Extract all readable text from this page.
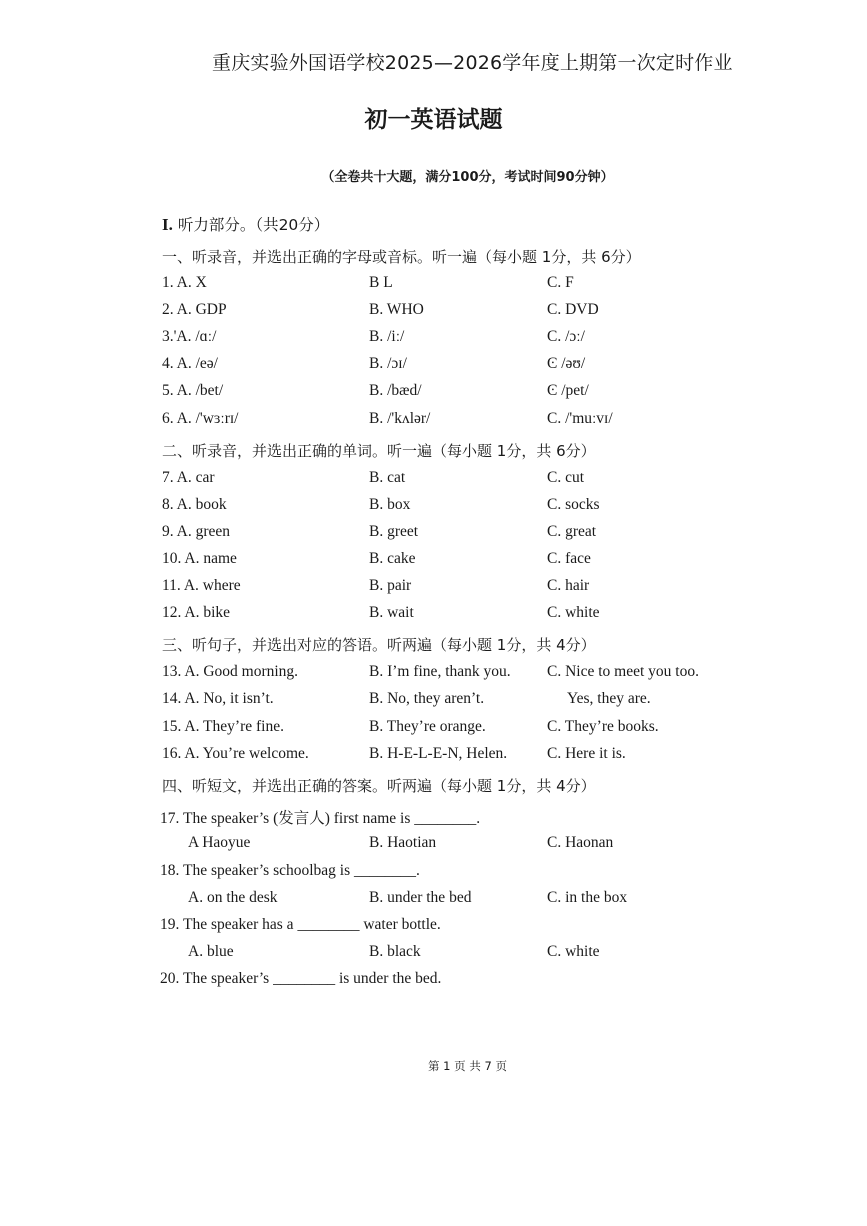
重庆实验外国语学校2025—2026学年度上期第一次定时作业
初一英语试题
（全卷共十大题，满分100分，考试时间90分钟）
I. 听力部分。（共20分）
一、听录音，并选出正确的字母或音标。听一遍（每小题 1分，共 6分）
1. A. X	B L	C. F
2. A. GDP	B. WHO	C. DVD
3.'A. /ɑː/	B. /iː/	C. /ɔː/
4. A. /eə/	B. /ɔɪ/	Ͼ /əʊ/
5. A. /bet/	B. /bæd/	Ͼ /pet/
6. A. /'wɜːrɪ/	B. /'kʌlər/	C. /'muːvɪ/
二、听录音，并选出正确的单词。听一遍（每小题 1分，共 6分）
7. A. car	B. cat	C. cut
8. A. book	B. box	C. socks
9. A. green	B. greet	C. great
10. A. name	B. cake	C. face
11. A. where	B. pair	C. hair
12. A. bike	B. wait	C. white
三、听句子，并选出对应的答语。听两遍（每小题 1分，共 4分）
13. A. Good morning.	B. I’m fine, thank you. C. Nice to meet you too.
14. A. No, it isn’t.	B. No, they aren’t.	Yes, they are.
15. A. They’re fine.	B. They’re orange.	C. They’re books.
16. A. You’re welcome.	B. H-E-L-E-N, Helen.	C. Here it is.
四、听短文，并选出正确的答案。听两遍（每小题 1分，共 4分）
17. The speaker’s (发言人) first name is ________.
A Haoyue	B. Haotian	C. Haonan
18. The speaker’s schoolbag is ________.
A. on the desk	B. under the bed	C. in the box
19. The speaker has a ________ water bottle.
A. blue	B. black	C. white
20. The speaker’s ________ is under the bed.
第 1 页 共 7 页
